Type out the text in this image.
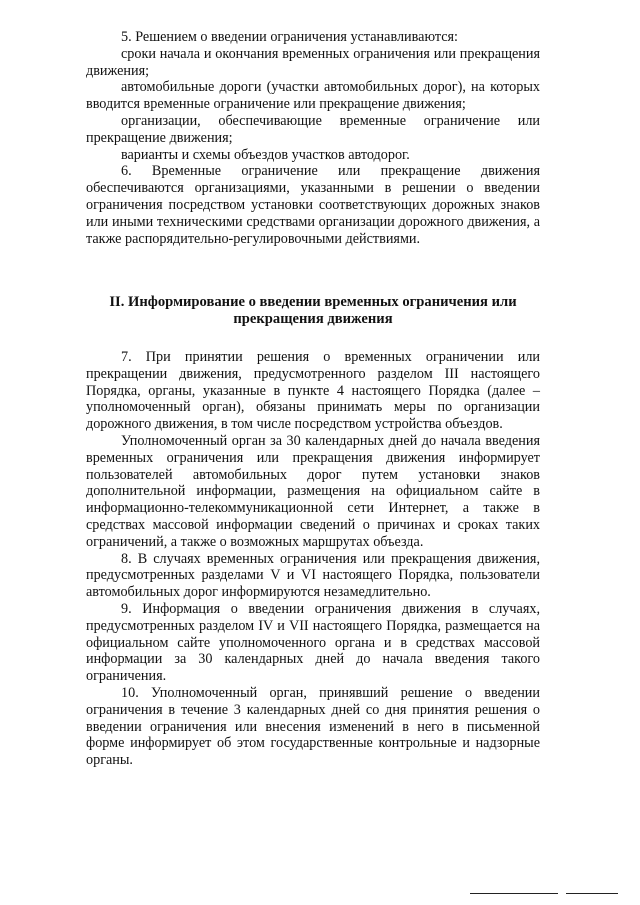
5. Решением о введении ограничения устанавливаются:

сроки начала и окончания временных ограничения или прекращения движения;

автомобильные дороги (участки автомобильных дорог), на которых вводится временные ограничение или прекращение движения;

организации, обеспечивающие временные ограничение или прекращение движения;

варианты и схемы объездов участков автодорог.

6. Временные ограничение или прекращение движения обеспечиваются организациями, указанными в решении о введении ограничения посредством установки соответствующих дорожных знаков или иными техническими средствами организации дорожного движения, а также распорядительно-регулировочными действиями.

II. Информирование о введении временных ограничения или
прекращения движения

7. При принятии решения о временных ограничении или прекращении движения, предусмотренного разделом III настоящего Порядка, органы, указанные в пункте 4 настоящего Порядка (далее – уполномоченный орган), обязаны принимать меры по организации дорожного движения, в том числе посредством устройства объездов.

Уполномоченный орган за 30 календарных дней до начала введения временных ограничения или прекращения движения информирует пользователей автомобильных дорог путем установки знаков дополнительной информации, размещения на официальном сайте в информационно-телекоммуникационной сети Интернет, а также в средствах массовой информации сведений о причинах и сроках таких ограничений, а также о возможных маршрутах объезда.

8. В случаях временных ограничения или прекращения движения, предусмотренных разделами V и VI настоящего Порядка, пользователи автомобильных дорог информируются незамедлительно.

9. Информация о введении ограничения движения в случаях, предусмотренных разделом IV и VII настоящего Порядка, размещается на официальном сайте уполномоченного органа и в средствах массовой информации за 30 календарных дней до начала введения такого ограничения.

10. Уполномоченный орган, принявший решение о введении ограничения в течение 3 календарных дней со дня принятия решения о введении ограничения или внесения изменений в него в письменной форме информирует об этом государственные контрольные и надзорные органы.
